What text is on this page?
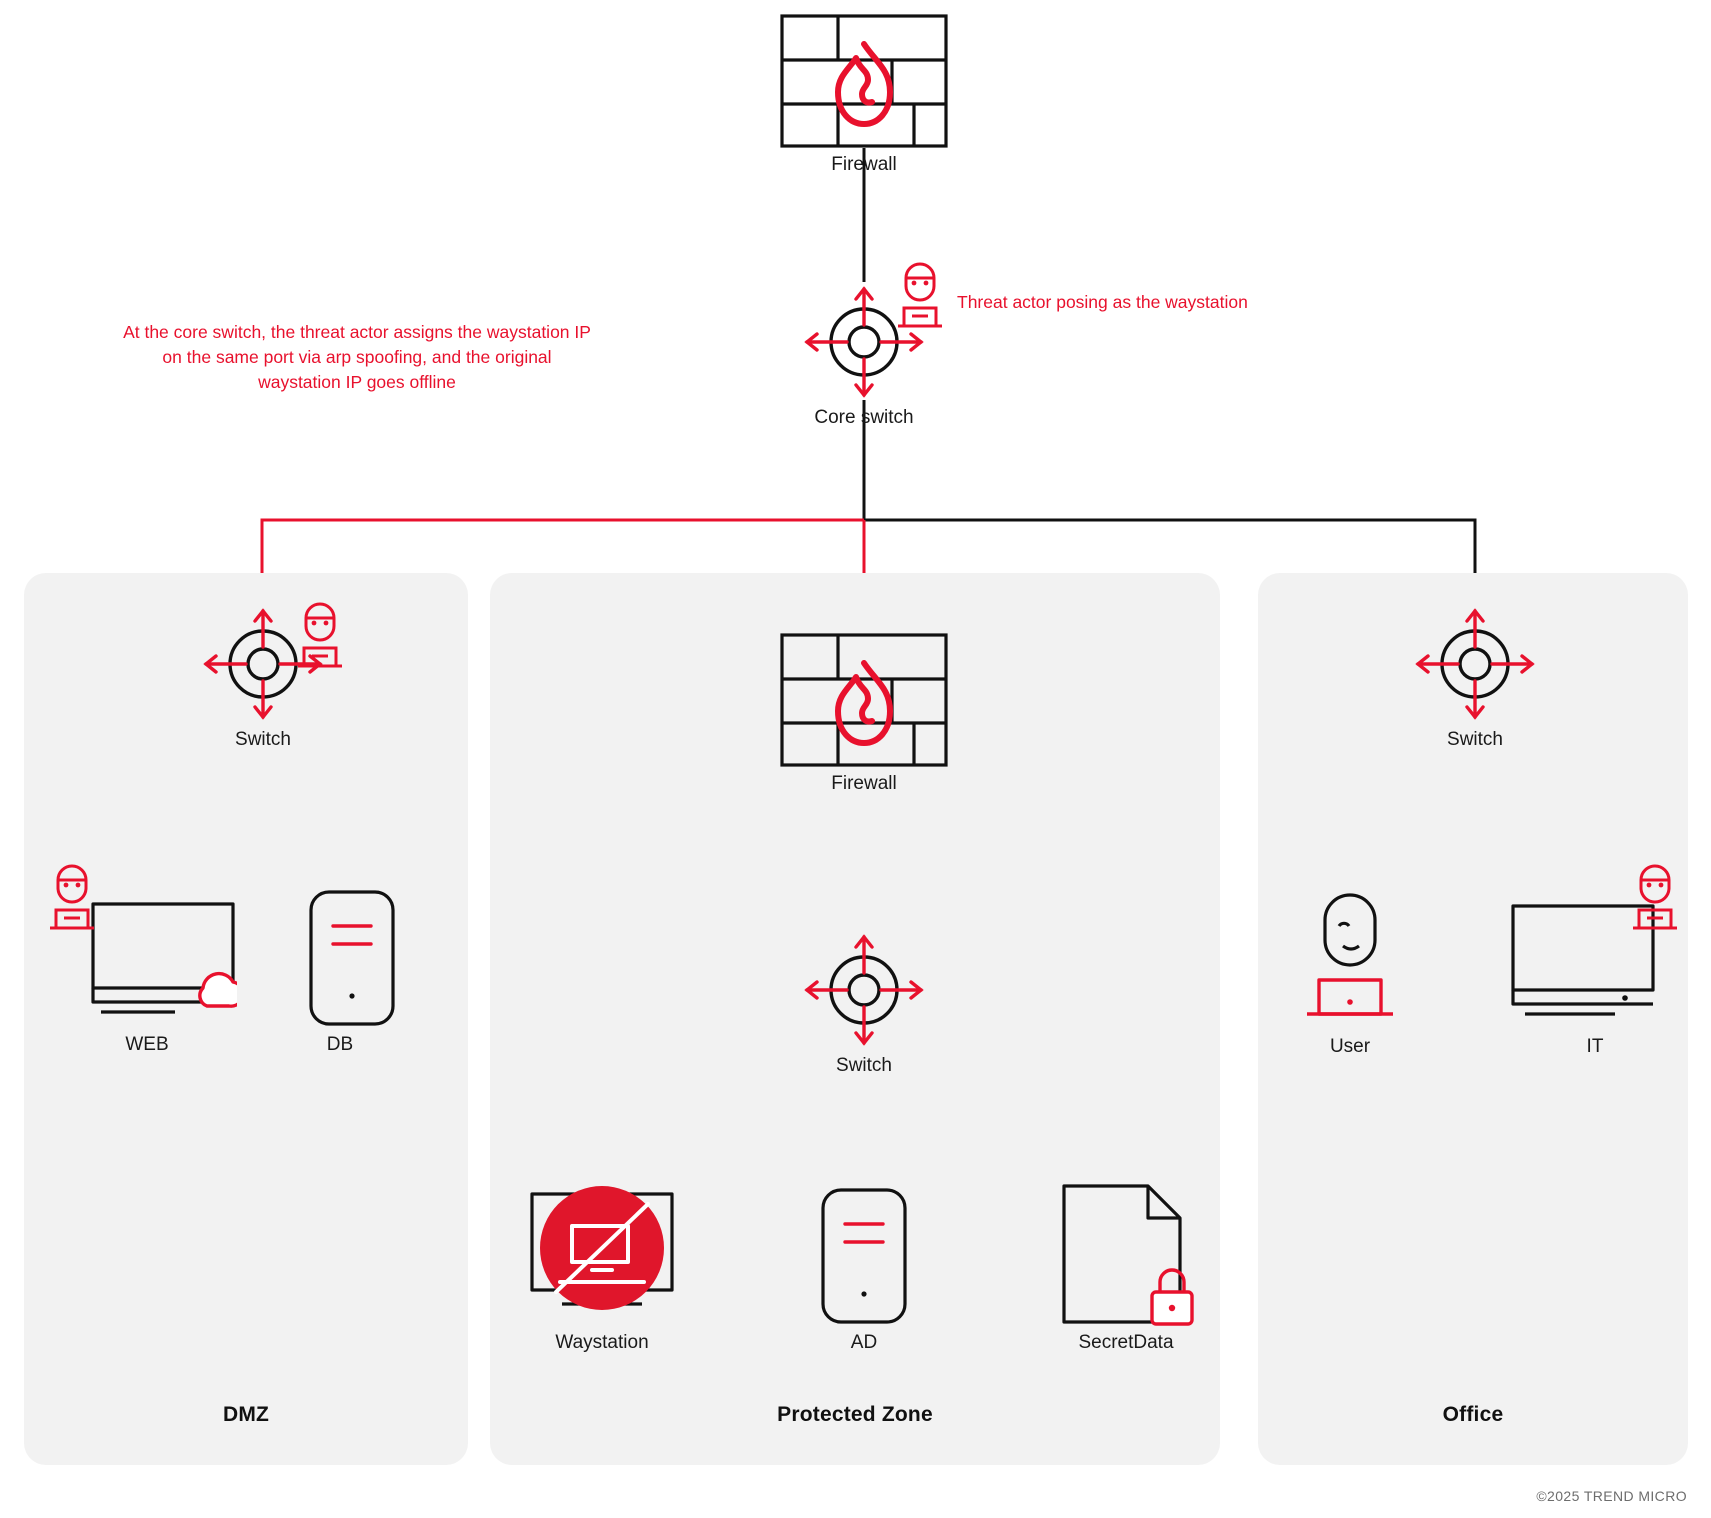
DMZ	Protected Zone	Office
Firewall
Core switch
At the core switch, the threat actor assigns the waystation IP on the same port via arp spoofing, and the original waystation IP goes offline
Threat actor posing as the waystation
Switch
WEB	DB
Firewall
Switch
Waystation	AD	SecretData
Switch
User	IT
©2025 TREND MICRO
